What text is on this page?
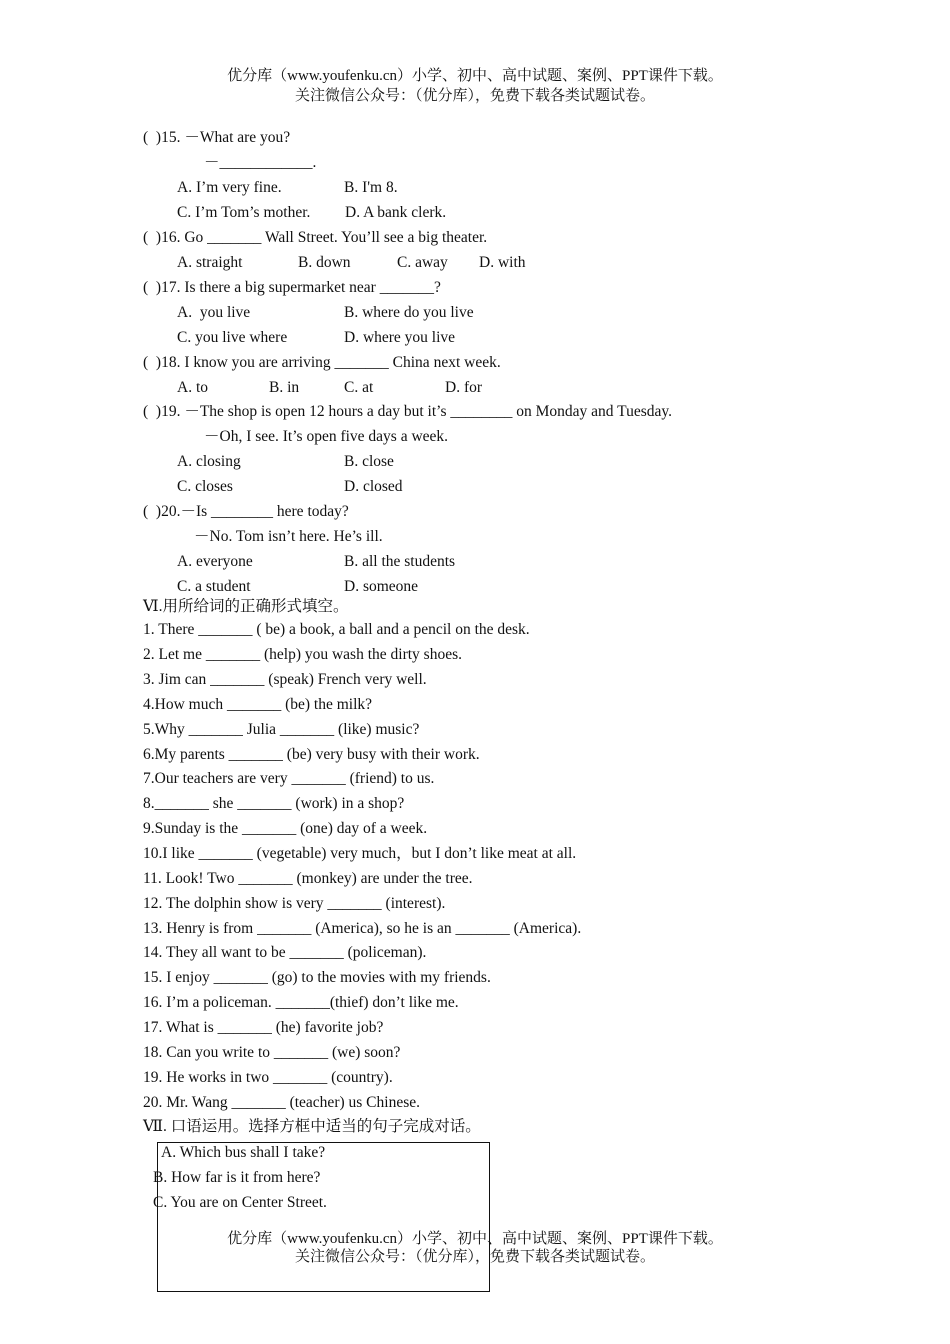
优分库（www.youfenku.cn）小学、初中、高中试题、案例、PPT课件下载。
关注微信公众号：（优分库），免费下载各类试题试卷。
(  )15. －What are you?
－____________.
A. I’m very fine.	B. I'm 8.
C. I’m Tom’s mother. D. A bank clerk.
(  )16. Go _______ Wall Street. You’ll see a big theater.
A. straight	B. down	C. away D. with
(  )17. Is there a big supermarket near _______?
A.  you live	B. where do you live
C. you live where	D. where you live
(  )18. I know you are arriving _______ China next week.
A. to	B. in	C. at	D. for
(  )19. －The shop is open 12 hours a day but it’s ________ on Monday and Tuesday.
－Oh, I see. It’s open five days a week.
A. closing	B. close
C. closes	D. closed
(  )20.－Is ________ here today?
－No. Tom isn’t here. He’s ill.
A. everyone	B. all the students
C. a student	D. someone
Ⅵ.用所给词的正确形式填空。
1. There _______ ( be) a book, a ball and a pencil on the desk.
2. Let me _______ (help) you wash the dirty shoes.
3. Jim can _______ (speak) French very well.
4.How much _______ (be) the milk?
5.Why _______ Julia _______ (like) music?
6.My parents _______ (be) very busy with their work.
7.Our teachers are very _______ (friend) to us.
8._______ she _______ (work) in a shop?
9.Sunday is the _______ (one) day of a week.
10.I like _______ (vegetable) very much，but I don’t like meat at all.
11. Look! Two _______ (monkey) are under the tree.
12. The dolphin show is very _______ (interest).
13. Henry is from _______ (America), so he is an _______ (America).
14. They all want to be _______ (policeman).
15. I enjoy _______ (go) to the movies with my friends.
16. I’m a policeman. _______(thief) don’t like me.
17. What is _______ (he) favorite job?
18. Can you write to _______ (we) soon?
19. He works in two _______ (country).
20. Mr. Wang _______ (teacher) us Chinese.
Ⅶ. 口语运用。选择方框中适当的句子完成对话。
A. Which bus shall I take?
B. How far is it from here?
C. You are on Center Street.
优分库（www.youfenku.cn）小学、初中、高中试题、案例、PPT课件下载。
关注微信公众号：（优分库），免费下载各类试题试卷。
